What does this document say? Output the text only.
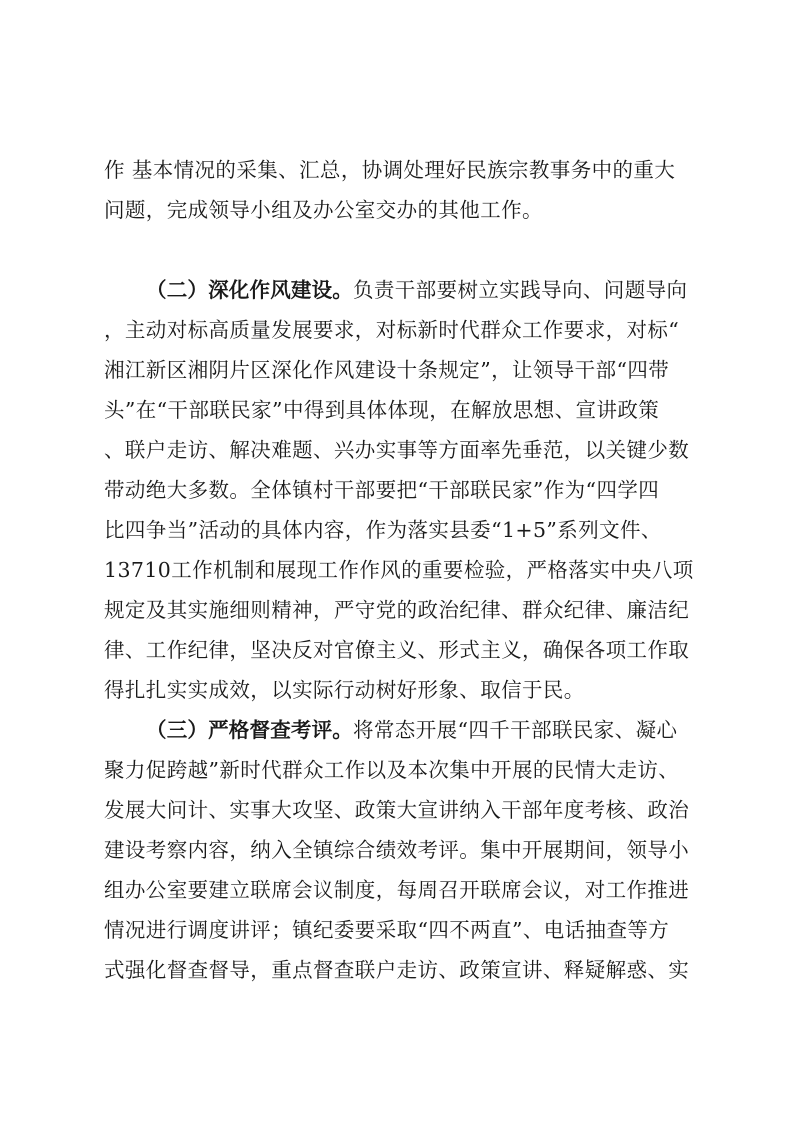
作 基本情况的采集、汇总，协调处理好民族宗教事务中的重大
问题，完成领导小组及办公室交办的其他工作。
（二）深化作风建设。负责干部要树立实践导向、问题导向
，主动对标高质量发展要求，对标新时代群众工作要求，对标“
湘江新区湘阴片区深化作风建设十条规定”，让领导干部“四带
头”在“干部联民家”中得到具体体现，在解放思想、宣讲政策
、联户走访、解决难题、兴办实事等方面率先垂范，以关键少数
带动绝大多数。全体镇村干部要把“干部联民家”作为“四学四
比四争当”活动的具体内容，作为落实县委“1+5”系列文件、
13710工作机制和展现工作作风的重要检验，严格落实中央八项
规定及其实施细则精神，严守党的政治纪律、群众纪律、廉洁纪
律、工作纪律，坚决反对官僚主义、形式主义，确保各项工作取
得扎扎实实成效，以实际行动树好形象、取信于民。
（三）严格督查考评。将常态开展“四千干部联民家、凝心
聚力促跨越”新时代群众工作以及本次集中开展的民情大走访、
发展大问计、实事大攻坚、政策大宣讲纳入干部年度考核、政治
建设考察内容，纳入全镇综合绩效考评。集中开展期间，领导小
组办公室要建立联席会议制度，每周召开联席会议，对工作推进
情况进行调度讲评；镇纪委要采取“四不两直”、电话抽查等方
式强化督查督导，重点督查联户走访、政策宣讲、释疑解惑、实
